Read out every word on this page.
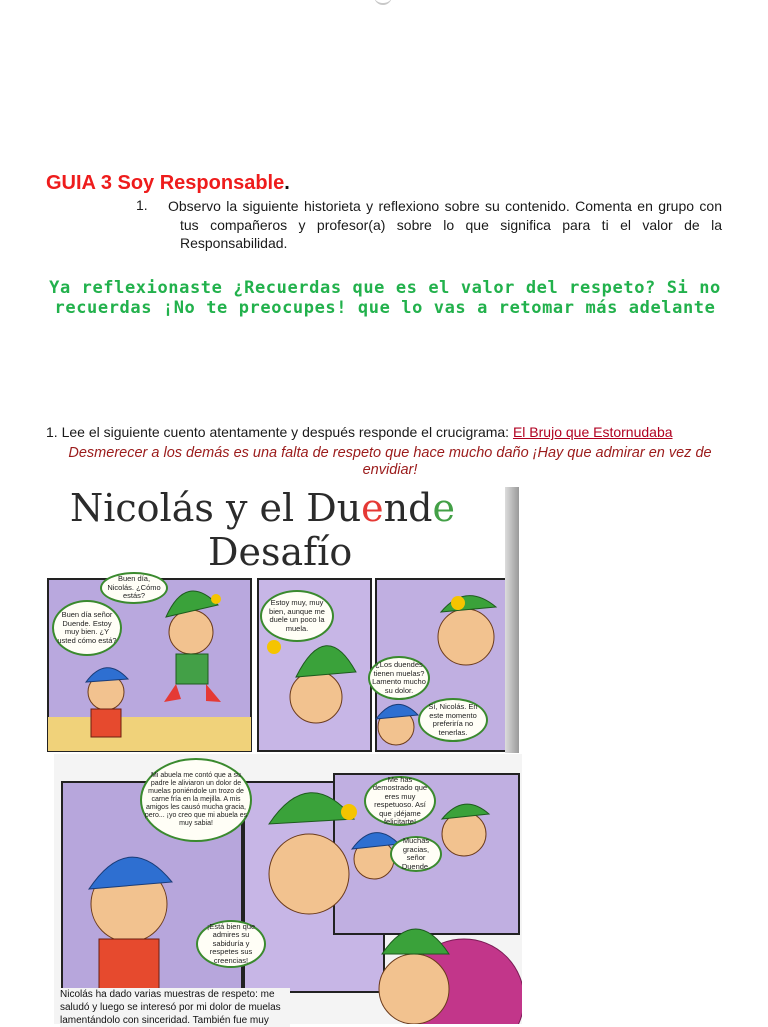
GUIA 3 Soy Responsable.
1. Observo la siguiente historieta y reflexiono sobre su contenido. Comenta en grupo con tus compañeros y profesor(a) sobre lo que significa para ti el valor de la Responsabilidad.
Ya reflexionaste ¿Recuerdas que es el valor del respeto? Si no
recuerdas ¡No te preocupes! que lo vas a retomar más adelante
1. Lee el siguiente cuento atentamente y después responde el crucigrama: El Brujo que Estornudaba
Desmerecer a los demás es una falta de respeto que hace mucho daño ¡Hay que admirar en vez de envidiar!
Nicolás y el Duende
Desafío
Buen día, Nicolás. ¿Cómo estás?
Buen día señor Duende. Estoy muy bien. ¿Y usted cómo está?
Estoy muy, muy bien, aunque me duele un poco la muela.
¿Los duendes tienen muelas? Lamento mucho su dolor.
Sí, Nicolás. En este momento preferiría no tenerlas.
Mi abuela me contó que a su padre le aliviaron un dolor de muelas poniéndole un trozo de carne fría en la mejilla. A mis amigos les causó mucha gracia, pero... ¡yo creo que mi abuela es muy sabia!
Me has demostrado que eres muy respetuoso. Así que ¡déjame felicitarte!
Muchas gracias, señor Duende.
¡Está bien que admires su sabiduría y respetes sus creencias!
Nicolás ha dado varias muestras de respeto: me saludó y luego se interesó por mi dolor de muelas lamentándolo con sinceridad. También fue muy
